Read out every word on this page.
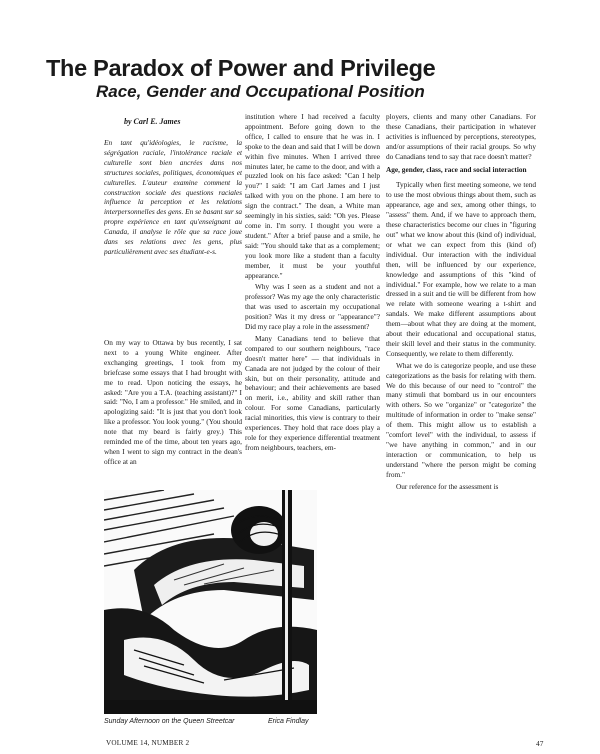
The Paradox of Power and Privilege
Race, Gender and Occupational Position
by Carl E. James
En tant qu'idéologies, le racisme, la ségrégation raciale, l'intolérance raciale et culturelle sont bien ancrées dans nos structures sociales, politiques, économiques et culturelles. L'auteur examine comment la construction sociale des questions raciales influence la perception et les relations interpersonnelles des gens. En se basant sur sa propre expérience en tant qu'enseignant au Canada, il analyse le rôle que sa race joue dans ses relations avec les gens, plus particulièrement avec ses étudiant-e-s.

On my way to Ottawa by bus recently, I sat next to a young White engineer. After exchanging greetings, I took from my briefcase some essays that I had brought with me to read. Upon noticing the essays, he asked: "Are you a T.A. (teaching assistant)?" I said: "No, I am a professor." He smiled, and in apologizing said: "It is just that you don't look like a professor. You look young." (You should note that my beard is fairly grey.) This reminded me of the time, about ten years ago, when I went to sign my contract in the dean's office at an

institution where I had received a faculty appointment. Before going down to the office, I called to ensure that he was in. I spoke to the dean and said that I will be down within five minutes. When I arrived three minutes later, he came to the door, and with a puzzled look on his face asked: "Can I help you?" I said: "I am Carl James and I just talked with you on the phone. I am here to sign the contract." The dean, a White man seemingly in his sixties, said: "Oh yes. Please come in. I'm sorry. I thought you were a student." After a brief pause and a smile, he said: "You should take that as a complement; you look more like a student than a faculty member, it must be your youthful appearance."

Why was I seen as a student and not a professor? Was my age the only characteristic that was used to ascertain my occupational position? Was it my dress or "appearance"? Did my race play a role in the assessment?

Many Canadians tend to believe that compared to our southern neighbours, "race doesn't matter here" — that individuals in Canada are not judged by the colour of their skin, but on their personality, attitude and behaviour; and their achievements are based on merit, i.e., ability and skill rather than colour. For some Canadians, particularly racial minorities, this view is contrary to their experiences. They hold that race does play a role for they experience differential treatment from neighbours, teachers, em-

ployers, clients and many other Canadians. For these Canadians, their participation in whatever activities is influenced by perceptions, stereotypes, and/or assumptions of their racial groups. So why do Canadians tend to say that race doesn't matter?

Age, gender, class, race and social interaction

Typically when first meeting someone, we tend to use the most obvious things about them, such as appearance, age and sex, among other things, to "assess" them. And, if we have to approach them, these characteristics become our clues in "figuring out" what we know about this (kind of) individual, or what we can expect from this (kind of) individual. Our interaction with the individual then, will be influenced by our experience, knowledge and assumptions of this "kind of individual." For example, how we relate to a man dressed in a suit and tie will be different from how we relate with someone wearing a t-shirt and sandals. We make different assumptions about them—about what they are doing at the moment, about their educational and occupational status, their skill level and their status in the community. Consequently, we relate to them differently.

What we do is categorize people, and use these categorizations as the basis for relating with them. We do this because of our need to "control" the many stimuli that bombard us in our encounters with others. So we "organize" or "categorize" the multitude of information in order to "make sense" of them. This might allow us to establish a "comfort level" with the individual, to assess if "we have anything in common," and in our interaction or communication, to help us understand "where the person might be coming from."

Our reference for the assessment is

Sunday Afternoon on the Queen Streetcar	Erica Findlay
VOLUME 14, NUMBER 2	47
